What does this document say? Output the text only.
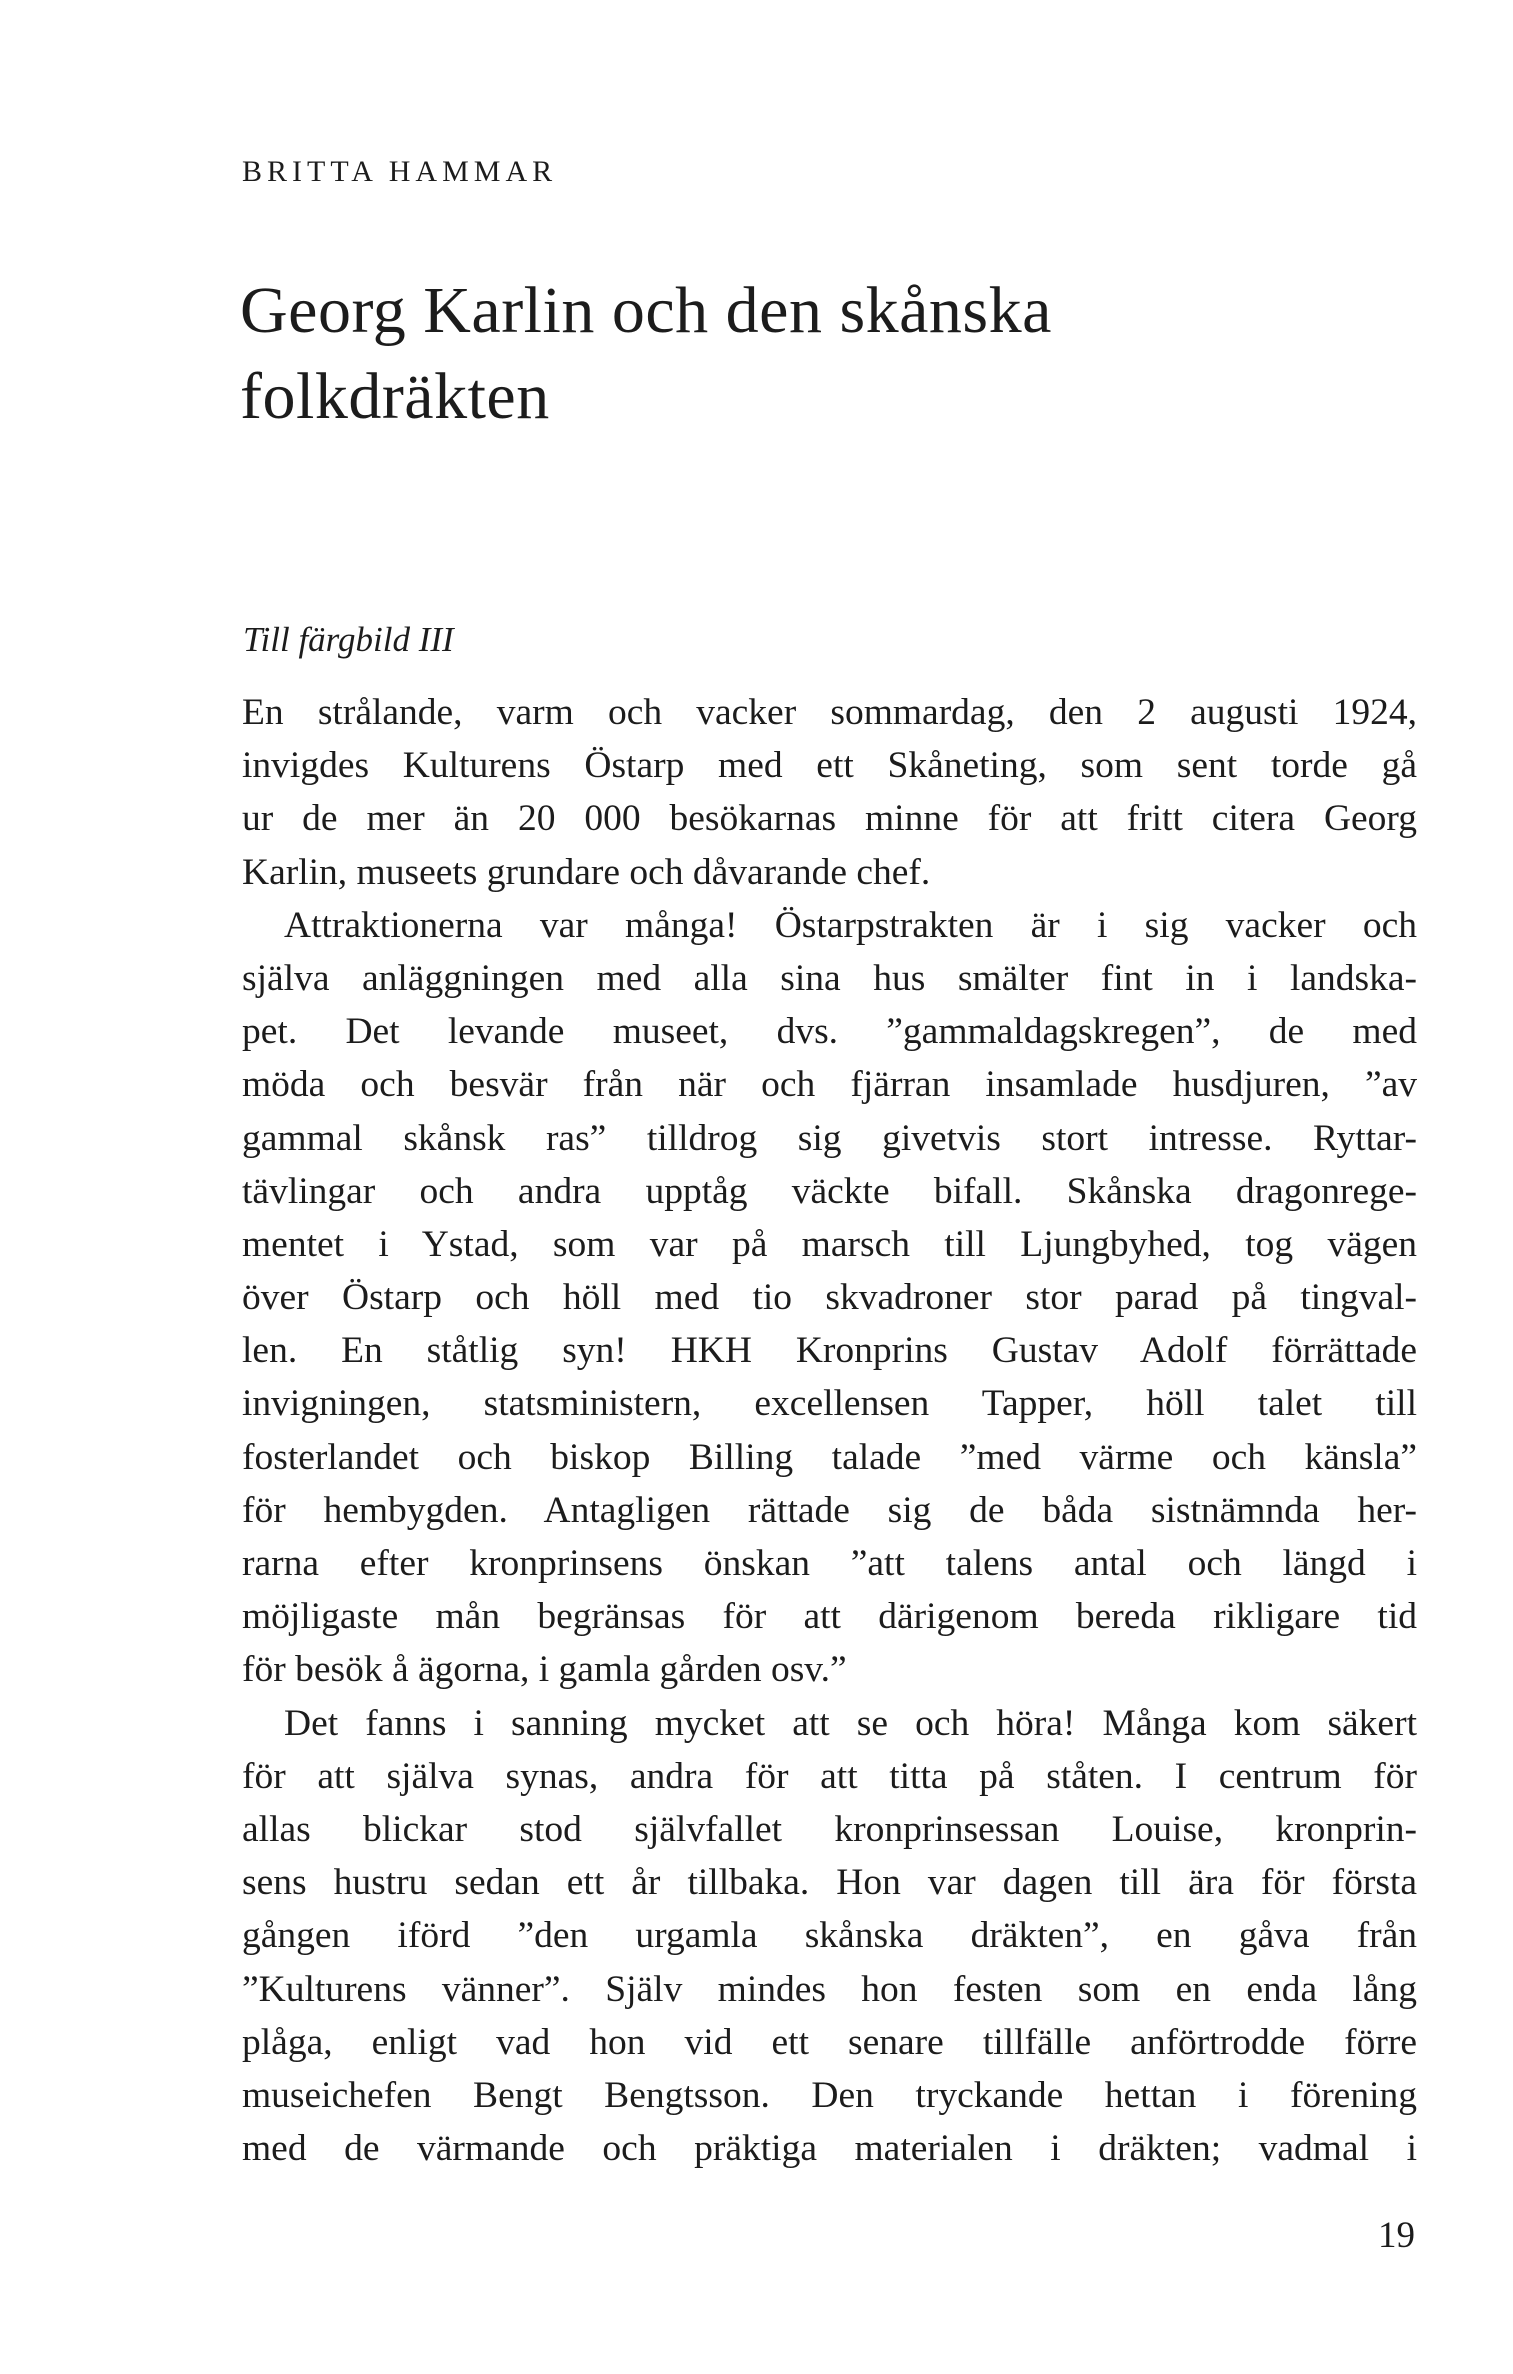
BRITTA HAMMAR

Georg Karlin och den skånska
folkdräkten

Till färgbild III

En strålande, varm och vacker sommardag, den 2 augusti 1924,
invigdes Kulturens Östarp med ett Skåneting, som sent torde gå
ur de mer än 20 000 besökarnas minne för att fritt citera Georg
Karlin, museets grundare och dåvarande chef.
Attraktionerna var många! Östarpstrakten är i sig vacker och
själva anläggningen med alla sina hus smälter fint in i landska-
pet. Det levande museet, dvs. ”gammaldagskregen”, de med
möda och besvär från när och fjärran insamlade husdjuren, ”av
gammal skånsk ras” tilldrog sig givetvis stort intresse. Ryttar-
tävlingar och andra upptåg väckte bifall. Skånska dragonrege-
mentet i Ystad, som var på marsch till Ljungbyhed, tog vägen
över Östarp och höll med tio skvadroner stor parad på tingval-
len. En ståtlig syn! HKH Kronprins Gustav Adolf förrättade
invigningen, statsministern, excellensen Tapper, höll talet till
fosterlandet och biskop Billing talade ”med värme och känsla”
för hembygden. Antagligen rättade sig de båda sistnämnda her-
rarna efter kronprinsens önskan ”att talens antal och längd i
möjligaste mån begränsas för att därigenom bereda rikligare tid
för besök å ägorna, i gamla gården osv.”
Det fanns i sanning mycket att se och höra! Många kom säkert
för att själva synas, andra för att titta på ståten. I centrum för
allas blickar stod självfallet kronprinsessan Louise, kronprin-
sens hustru sedan ett år tillbaka. Hon var dagen till ära för första
gången iförd ”den urgamla skånska dräkten”, en gåva från
”Kulturens vänner”. Själv mindes hon festen som en enda lång
plåga, enligt vad hon vid ett senare tillfälle anförtrodde förre
museichefen Bengt Bengtsson. Den tryckande hettan i förening
med de värmande och präktiga materialen i dräkten; vadmal i

19
